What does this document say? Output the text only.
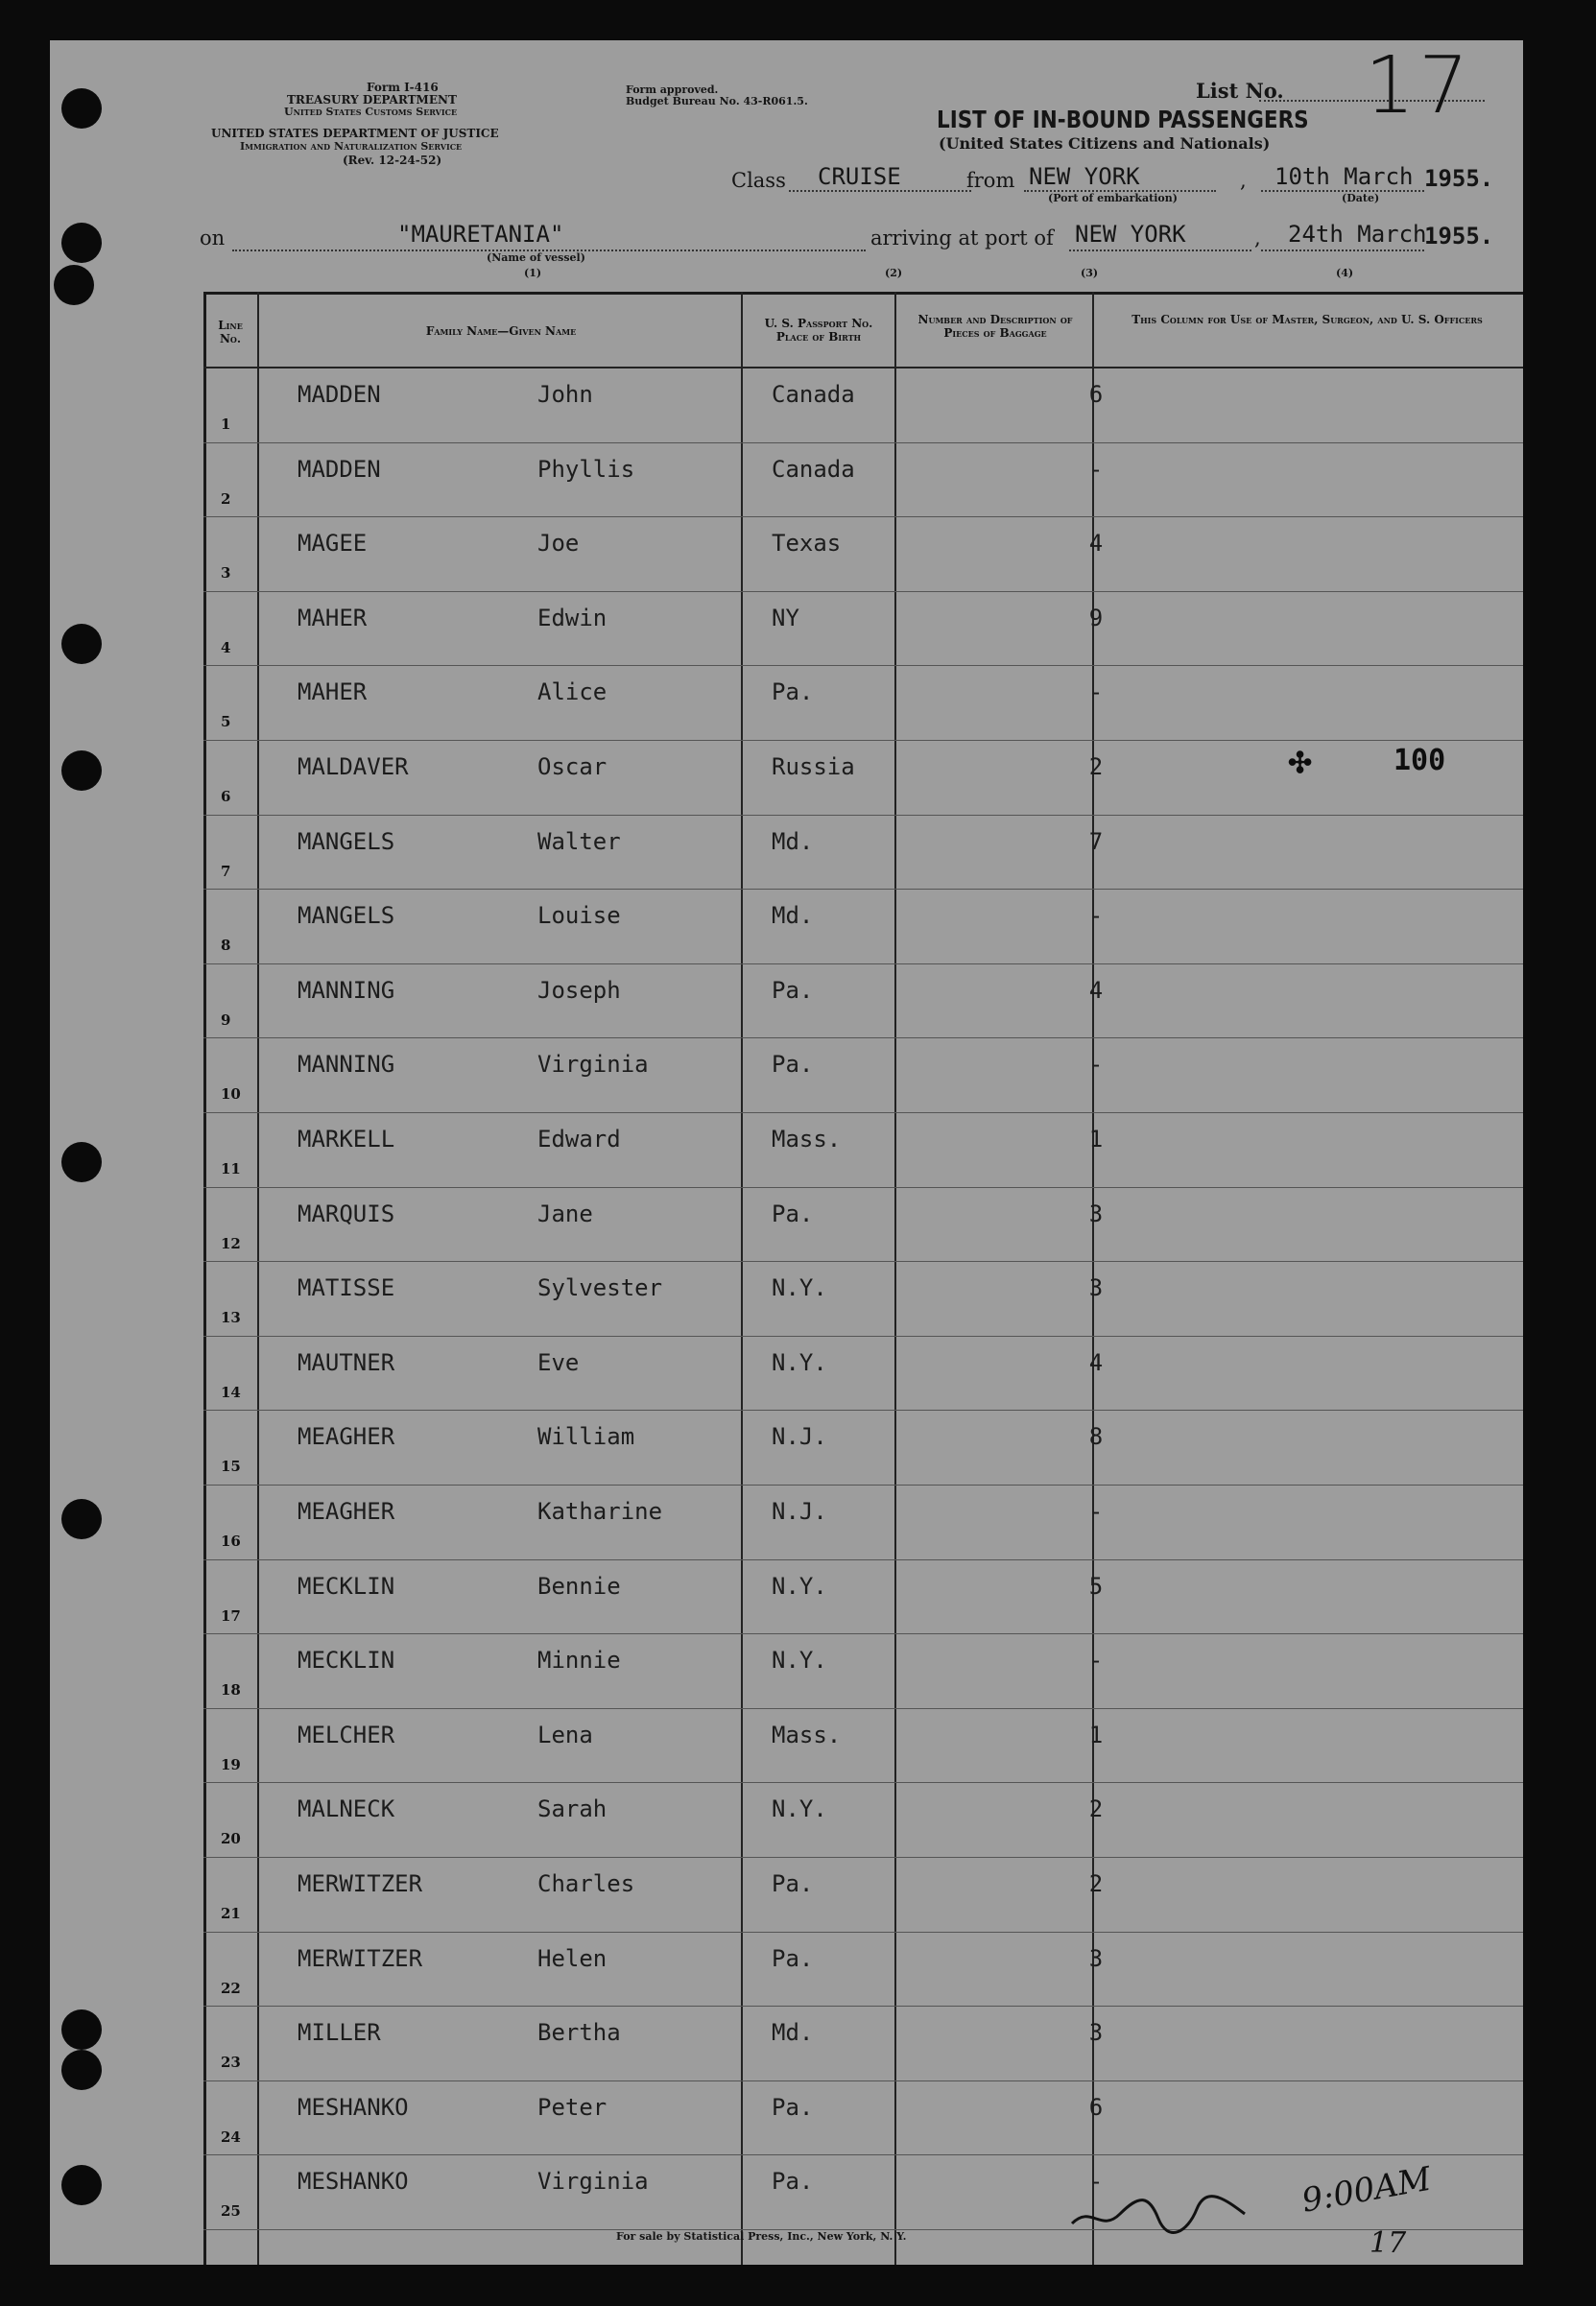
Form I-416
TREASURY DEPARTMENT
United States Customs Service
UNITED STATES DEPARTMENT OF JUSTICE
Immigration and Naturalization Service
(Rev. 12-24-52)
Form approved.
Budget Bureau No. 43-R061.5.	List No. 17
LIST OF IN-BOUND PASSENGERS
(United States Citizens and Nationals)
Class CRUISE	from NEW YORK
(Port of embarkation)
, 10th March
(Date)
1955.
on	"MAURETANIA"
(Name of vessel)
arriving at port of NEW YORK	, 24th March
1955.
(1)	(2)	(3)	(4)
Line No.
Family Name—Given Name
U. S. Passport No. Place of Birth
Number and Description of Pieces of Baggage
This Column for Use of Master, Surgeon, and U. S. Officers
1
MADDEN	John	Canada	6
2
MADDEN	Phyllis	Canada	-
3
MAGEE	Joe	Texas	4
4
MAHER	Edwin	NY	9
5
MAHER	Alice	Pa.	-
6
MALDAVER	Oscar	Russia	2
7
MANGELS	Walter	Md.	7
8
MANGELS	Louise	Md.	-
9
MANNING	Joseph	Pa.	4
10
MANNING	Virginia	Pa.	-
11
MARKELL	Edward	Mass.	1
12
MARQUIS	Jane	Pa.	3
13
MATISSE	Sylvester	N.Y.	3
14
MAUTNER	Eve	N.Y.	4
15
MEAGHER	William	N.J.	8
16
MEAGHER	Katharine	N.J.	-
17
MECKLIN	Bennie	N.Y.	5
18
MECKLIN	Minnie	N.Y.	-
19
MELCHER	Lena	Mass.	1
20
MALNECK	Sarah	N.Y.	2
21
MERWITZER	Charles	Pa.	2
22
MERWITZER	Helen	Pa.	3
23
MILLER	Bertha	Md.	3
24
MESHANKO	Peter	Pa.	6
25
MESHANKO	Virginia	Pa.	-
100
✣
9:00AM
17
For sale by Statistical Press, Inc., New York, N. Y.
